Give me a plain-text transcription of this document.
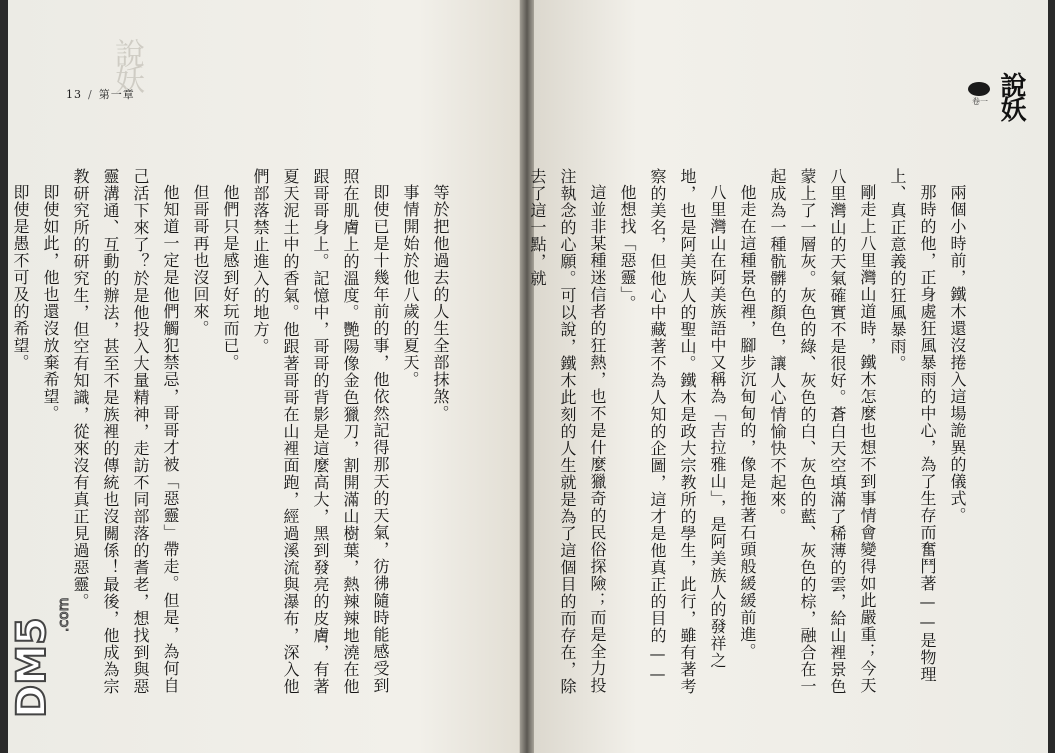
說妖
13 / 第一章

等於把他過去的人生全部抹煞。

事情開始於他八歲的夏天。

即使已是十幾年前的事，他依然記得那天的天氣，彷彿隨時能感受到照在肌膚上的溫度。艷陽像金色獵刀，割開滿山樹葉，熱辣辣地澆在他跟哥哥身上。記憶中，哥哥的背影是這麼高大，黑到發亮的皮膚，有著夏天泥土中的香氣。他跟著哥哥在山裡面跑，經過溪流與瀑布，深入他們部落禁止進入的地方。

他們只是感到好玩而已。

但哥哥再也沒回來。

他知道一定是他們觸犯禁忌，哥哥才被「惡靈」帶走。但是，為何自己活下來了？於是他投入大量精神，走訪不同部落的耆老，想找到與惡靈溝通、互動的辦法，甚至不是族裡的傳統也沒關係！最後，他成為宗教研究所的研究生，但空有知識，從來沒有真正見過惡靈。

即使如此，他也還沒放棄希望。

即使是愚不可及的希望。

DM5
.com
卷一 說妖

兩個小時前，鐵木還沒捲入這場詭異的儀式。

那時的他，正身處狂風暴雨的中心，為了生存而奮鬥著——是物理上、真正意義的狂風暴雨。

剛走上八里灣山道時，鐵木怎麼也想不到事情會變得如此嚴重；今天八里灣山的天氣確實不是很好。蒼白天空填滿了稀薄的雲，給山裡景色蒙上了一層灰。灰色的綠、灰色的白、灰色的藍、灰色的棕，融合在一起成為一種骯髒的顏色，讓人心情愉快不起來。

他走在這種景色裡，腳步沉甸甸的，像是拖著石頭般緩緩前進。

八里灣山在阿美族語中又稱為「吉拉雅山」，是阿美族人的發祥之地，也是阿美族人的聖山。鐵木是政大宗教所的學生，此行，雖有著考察的美名，但他心中藏著不為人知的企圖，這才是他真正的目的——

他想找「惡靈」。

這並非某種迷信者的狂熱，也不是什麼獵奇的民俗探險；而是全力投注執念的心願。可以說，鐵木此刻的人生就是為了這個目的而存在，除去了這一點，就
